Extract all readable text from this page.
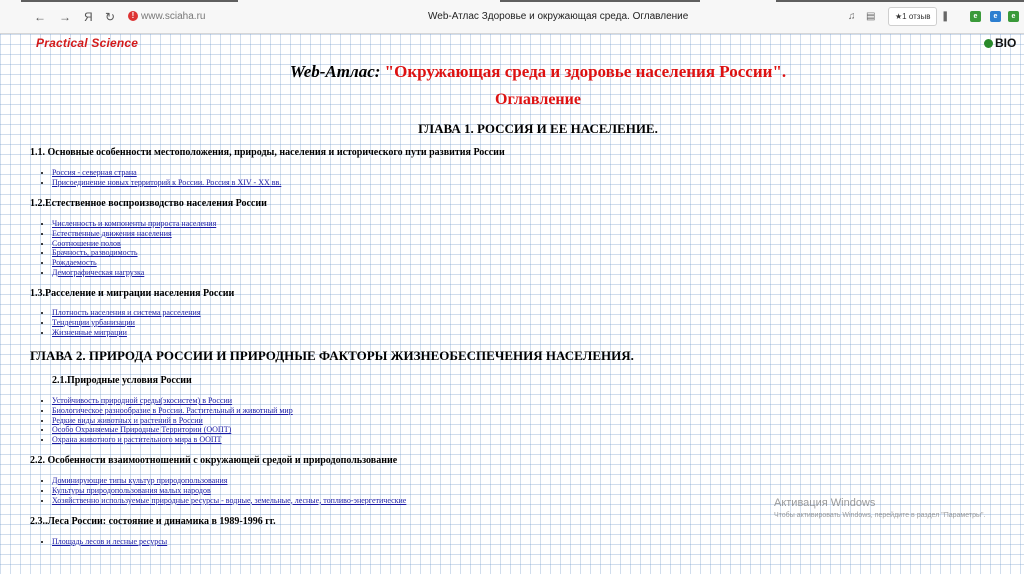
← → Я ↻	! www.sciaha.ru	Web-Атлас Здоровье и окружающая среда. Оглавление	♫ ▤	★1 отзыв	❚	e	e	e
Practical Science	BIO
Web-Атлас: "Окружающая среда и здоровье населения России".
Оглавление
ГЛАВА 1. РОССИЯ И ЕЕ НАСЕЛЕНИЕ.
1.1. Основные особенности местоположения, природы, населения и исторического пути развития России
• Россия - северная страна
• Присоединение новых территорий к России. Россия в XIV - XX вв.
1.2.Естественное воспроизводство населения России
• Численность и компоненты прироста населения
• Естественные движения населения
• Соотношение полов
• Брачность, разводимость
• Рождаемость
• Демографическая нагрузка
1.3.Расселение и миграции населения России
• Плотность населения и система расселения
• Тенденции урбанизации
• Жизненные миграции
ГЛАВА 2. ПРИРОДА РОССИИ И ПРИРОДНЫЕ ФАКТОРЫ ЖИЗНЕОБЕСПЕЧЕНИЯ НАСЕЛЕНИЯ.
2.1.Природные условия России
• Устойчивость природной среды(экосистем) в России
• Биологическое разнообразие в России. Растительный и животный мир
• Редкие виды животных и растений в России
• Особо Охраняемые Природные Территории (ООПТ)
• Охрана животного и растительного мира в ООПТ
2.2. Особенности взаимоотношений с окружающей средой и природопользование
• Доминирующие типы культур природопользования
• Культуры природопользования малых народов
• Хозяйственно используемые природные ресурсы - водные, земельные, лесные, топливо-энергетические
2.3..Леса России: состояние и динамика в 1989-1996 гг.
• Площадь лесов и лесные ресурсы
Активация Windows
Чтобы активировать Windows, перейдите в раздел "Параметры".
